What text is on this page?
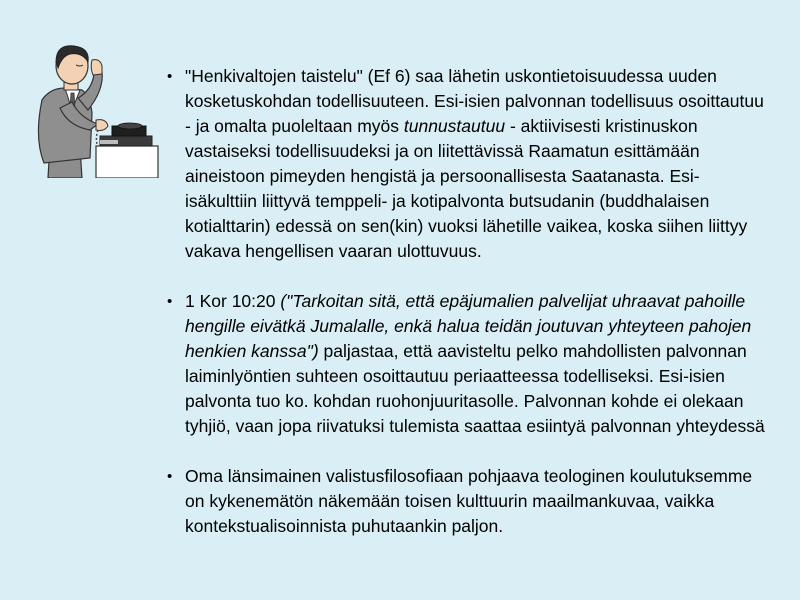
• "Henkivaltojen taistelu" (Ef 6) saa lähetin uskontietoisuudessa uuden kosketuskohdan todellisuuteen. Esi-isien palvonnan todellisuus osoittautuu - ja omalta puoleltaan myös tunnustautuu - aktiivisesti kristinuskon vastaiseksi todellisuudeksi ja on liitettävissä Raamatun esittämään aineistoon pimeyden hengistä ja persoonallisesta Saatanasta. Esi-isäkulttiin liittyvä temppeli- ja kotipalvonta butsudanin (buddhalaisen kotialttarin) edessä on sen(kin) vuoksi lähetille vaikea, koska siihen liittyy vakava hengellisen vaaran ulottuvuus.
• 1 Kor 10:20 ("Tarkoitan sitä, että epäjumalien palvelijat uhraavat pahoille hengille eivätkä Jumalalle, enkä halua teidän joutuvan yhteyteen pahojen henkien kanssa") paljastaa, että aavisteltu pelko mahdollisten palvonnan laiminlyöntien suhteen osoittautuu periaatteessa todelliseksi. Esi-isien palvonta tuo ko. kohdan ruohonjuuritasolle. Palvonnan kohde ei olekaan tyhjiö, vaan jopa riivatuksi tulemista saattaa esiintyä palvonnan yhteydessä
• Oma länsimainen valistusfilosofiaan pohjaava teologinen koulutuksemme on kykenemätön näkemään toisen kulttuurin maailmankuvaa, vaikka kontekstualisoinnista puhutaankin paljon.
